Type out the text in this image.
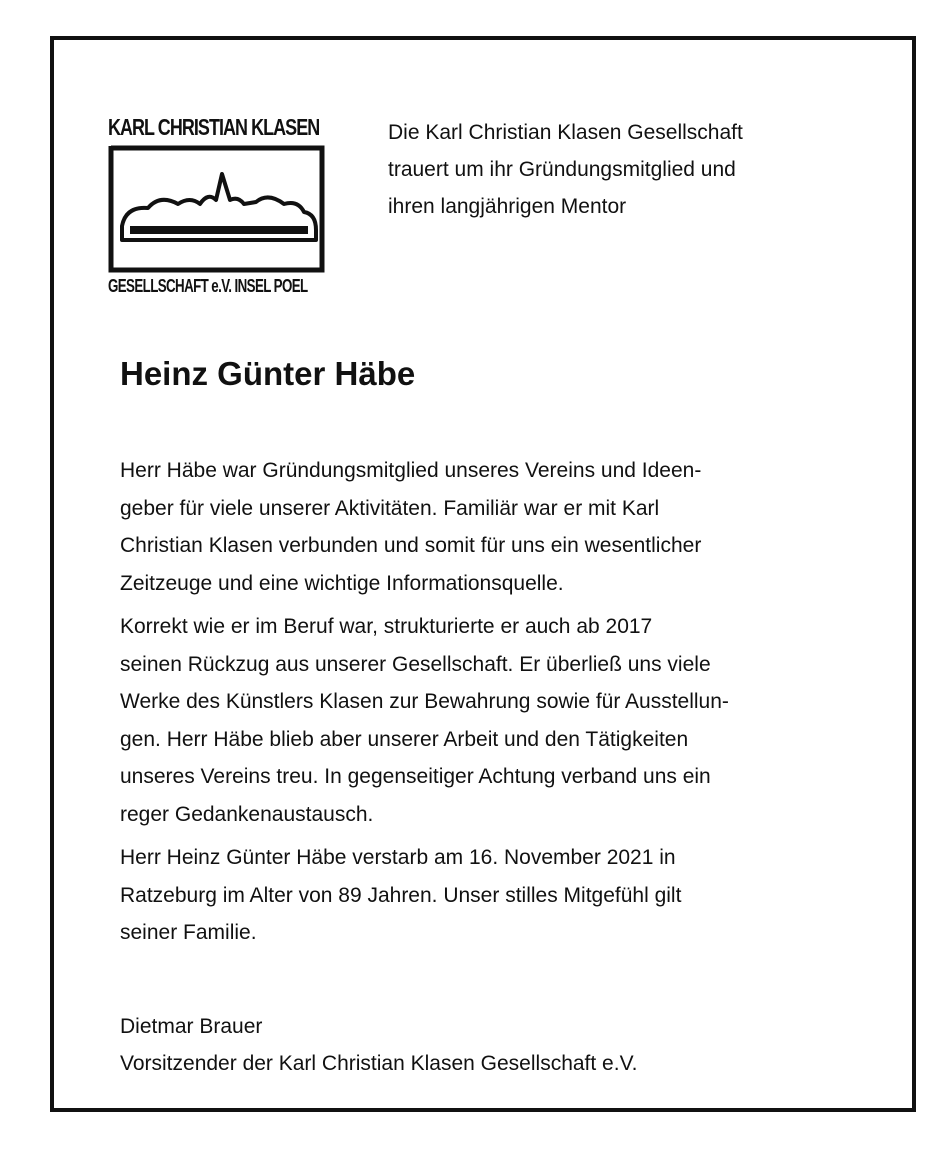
KARL CHRISTIAN KLASEN
GESELLSCHAFT e.V. INSEL POEL
Die Karl Christian Klasen Gesellschaft
trauert um ihr Gründungsmitglied und
ihren langjährigen Mentor
Heinz Günter Häbe
Herr Häbe war Gründungsmitglied unseres Vereins und Ideen-
geber für viele unserer Aktivitäten. Familiär war er mit Karl
Christian Klasen verbunden und somit für uns ein wesentlicher
Zeitzeuge und eine wichtige Informationsquelle.
Korrekt wie er im Beruf war, strukturierte er auch ab 2017
seinen Rückzug aus unserer Gesellschaft. Er überließ uns viele
Werke des Künstlers Klasen zur Bewahrung sowie für Ausstellun-
gen. Herr Häbe blieb aber unserer Arbeit und den Tätigkeiten
unseres Vereins treu. In gegenseitiger Achtung verband uns ein
reger Gedankenaustausch.
Herr Heinz Günter Häbe verstarb am 16. November 2021 in
Ratzeburg im Alter von 89 Jahren. Unser stilles Mitgefühl gilt
seiner Familie.
Dietmar Brauer
Vorsitzender der Karl Christian Klasen Gesellschaft e.V.
